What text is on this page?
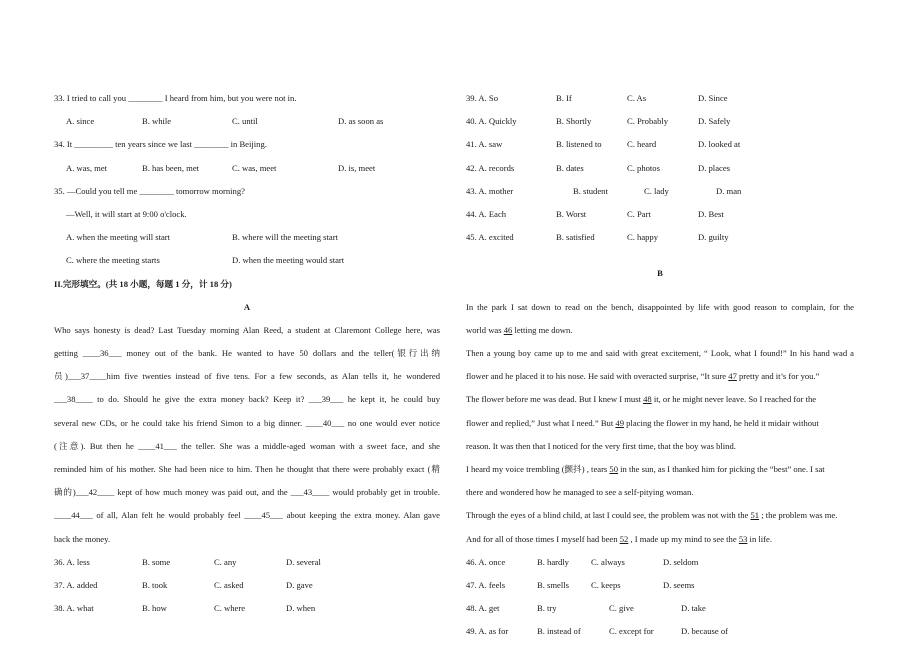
33. I tried to call you ________ I heard from him, but you were not in.
A. since	B. while	C. until	D. as soon as
34. It _________ ten years since we last ________ in Beijing.
A. was, met	B. has been, met	C. was, meet	D. is, meet
35. —Could you tell me ________ tomorrow morning?
—Well, it will start at 9:00 o'clock.
A. when the meeting will start	B. where will the meeting start
C. where the meeting starts	D. when the meeting would start
II.完形填空。(共 18 小题，每题 1 分，计 18 分)
A
Who says honesty is dead? Last Tuesday morning Alan Reed, a student at Claremont College here, was
getting ____36___ money out of the bank. He wanted to have 50 dollars and the teller(银行出纳
员)___37____him five twenties instead of five tens. For a few seconds, as Alan tells it, he wondered
___38____ to do. Should he give the extra money back? Keep it? ___39___ he kept it, he could buy
several new CDs, or he could take his friend Simon to a big dinner. ____40___ no one would ever notice
(注意). But then he ____41___ the teller. She was a middle-aged woman with a sweet face, and she
reminded him of his mother. She had been nice to him. Then he thought that there were probably exact (精
确的)___42____ kept of how much money was paid out, and the ___43____ would probably get in trouble.
____44___ of all, Alan felt he would probably feel ____45___ about keeping the extra money. Alan gave
back the money.
36. A. less	B. some	C. any	D. several
37. A. added	B. took	C. asked	D. gave
38. A. what	B. how	C. where	D. when
39. A. So	B. If	C. As	D. Since
40. A. Quickly	B. Shortly	C. Probably	D. Safely
41. A. saw	B. listened to	C. heard	D. looked at
42. A. records	B. dates	C. photos	D. places
43. A. mother	B. student	C. lady	D. man
44. A. Each	B. Worst	C. Part	D. Best
45. A. excited	B. satisfied	C. happy	D. guilty
B
In the park I sat down to read on the bench, disappointed by life with good reason to complain, for the
world was 46 letting me down.
Then a young boy came up to me and said with great excitement, “ Look, what I found!” In his hand wad a
flower and he placed it to his nose. He said with overacted surprise, “It sure 47 pretty and it’s for you.”
The flower before me was dead. But I knew I must 48 it, or he might never leave. So I reached for the
flower and replied,” Just what I need.” But 49 placing the flower in my hand, he held it midair without
reason. It was then that I noticed for the very first time, that the boy was blind.
I heard my voice trembling (颤抖) , tears 50 in the sun, as I thanked him for picking the “best” one. I sat
there and wondered how he managed to see a self-pitying woman.
Through the eyes of a blind child, at last I could see, the problem was not with the 51 ; the problem was me.
And for all of those times I myself had been 52 , I made up my mind to see the 53 in life.
46. A. once	B. hardly	C. always	D. seldom
47. A. feels	B. smells	C. keeps	D. seems
48. A. get	B. try	C. give	D. take
49. A. as for	B. instead of	C. except for	D. because of
